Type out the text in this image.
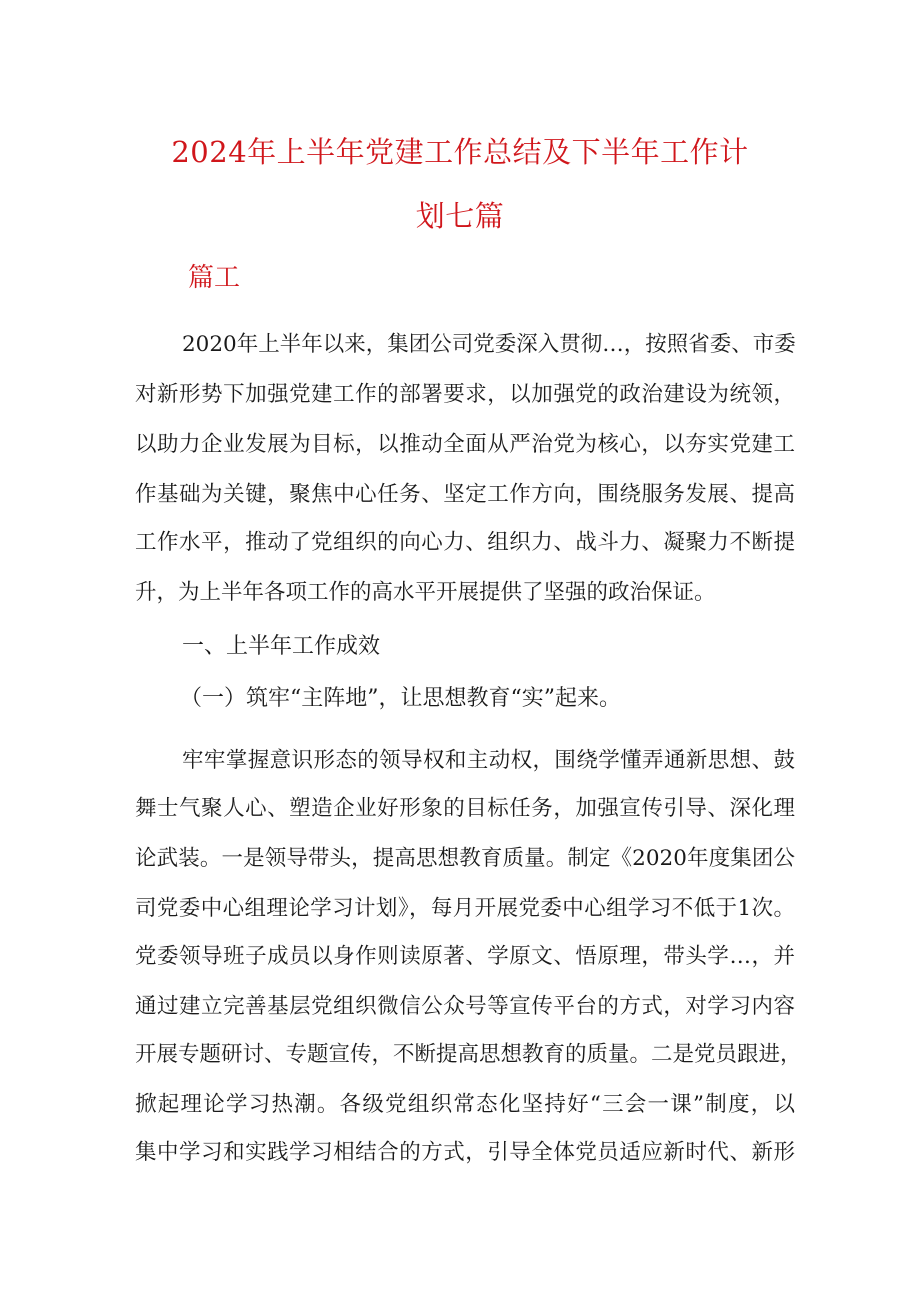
2024年上半年党建工作总结及下半年工作计
划七篇
篇工
2020年上半年以来，集团公司党委深入贯彻…，按照省委、市委
对新形势下加强党建工作的部署要求，以加强党的政治建设为统领，
以助力企业发展为目标，以推动全面从严治党为核心，以夯实党建工
作基础为关键，聚焦中心任务、坚定工作方向，围绕服务发展、提高
工作水平，推动了党组织的向心力、组织力、战斗力、凝聚力不断提
升，为上半年各项工作的高水平开展提供了坚强的政治保证。
一、上半年工作成效
（一）筑牢“主阵地”，让思想教育“实”起来。
牢牢掌握意识形态的领导权和主动权，围绕学懂弄通新思想、鼓
舞士气聚人心、塑造企业好形象的目标任务，加强宣传引导、深化理
论武装。一是领导带头，提高思想教育质量。制定《2020年度集团公
司党委中心组理论学习计划》，每月开展党委中心组学习不低于1次。
党委领导班子成员以身作则读原著、学原文、悟原理，带头学…，并
通过建立完善基层党组织微信公众号等宣传平台的方式，对学习内容
开展专题研讨、专题宣传，不断提高思想教育的质量。二是党员跟进，
掀起理论学习热潮。各级党组织常态化坚持好“三会一课”制度，以
集中学习和实践学习相结合的方式，引导全体党员适应新时代、新形
